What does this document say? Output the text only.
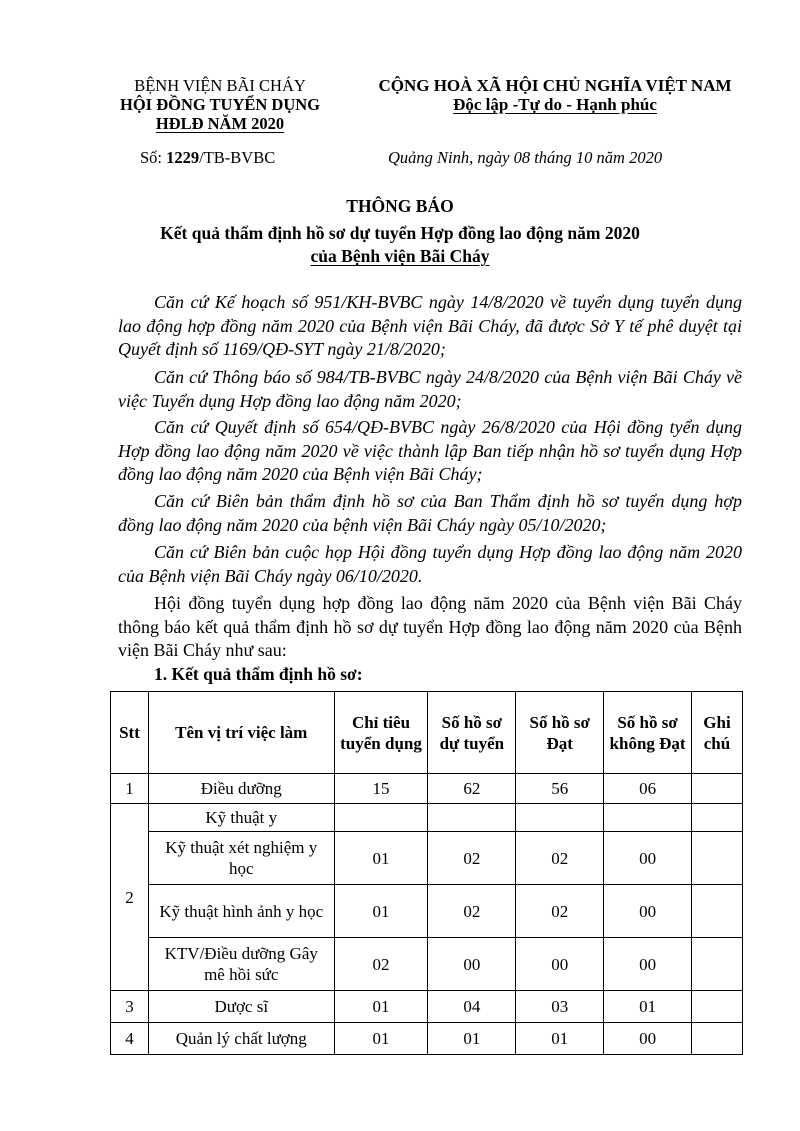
BỆNH VIỆN BÃI CHÁY
HỘI ĐỒNG TUYỂN DỤNG
HĐLĐ NĂM 2020
CỘNG HOÀ XÃ HỘI CHỦ NGHĨA VIỆT NAM
Độc lập -Tự do - Hạnh phúc
Số: 1229/TB-BVBC	Quảng Ninh, ngày 08 tháng 10 năm 2020
THÔNG BÁO
Kết quả thẩm định hồ sơ dự tuyển Hợp đồng lao động năm 2020
của Bệnh viện Bãi Cháy
Căn cứ Kế hoạch số 951/KH-BVBC ngày 14/8/2020 về tuyển dụng tuyển dụng lao động hợp đồng năm 2020 của Bệnh viện Bãi Cháy, đã được Sở Y tế phê duyệt tại Quyết định số 1169/QĐ-SYT ngày 21/8/2020;
Căn cứ Thông báo số 984/TB-BVBC ngày 24/8/2020 của Bệnh viện Bãi Cháy về việc Tuyển dụng Hợp đồng lao động năm 2020;
Căn cứ Quyết định số 654/QĐ-BVBC ngày 26/8/2020 của Hội đồng tyển dụng Hợp đồng lao động năm 2020 về việc thành lập Ban tiếp nhận hồ sơ tuyển dụng Hợp đồng lao động năm 2020 của Bệnh viện Bãi Cháy;
Căn cứ Biên bản thẩm định hồ sơ của Ban Thẩm định hồ sơ tuyển dụng hợp đồng lao động năm 2020 của bệnh viện Bãi Cháy ngày 05/10/2020;
Căn cứ Biên bản cuộc họp Hội đồng tuyển dụng Hợp đồng lao động năm 2020 của Bệnh viện Bãi Cháy ngày 06/10/2020.
Hội đồng tuyển dụng hợp đồng lao động năm 2020 của Bệnh viện Bãi Cháy thông báo kết quả thẩm định hồ sơ dự tuyển Hợp đồng lao động năm 2020 của Bệnh viện Bãi Cháy như sau:
1. Kết quả thẩm định hồ sơ:
Stt	Tên vị trí việc làm	Chỉ tiêu tuyển dụng	Số hồ sơ dự tuyển	Số hồ sơ Đạt	Số hồ sơ không Đạt	Ghi chú
1	Điều dưỡng	15	62	56	06	
2	Kỹ thuật y					
	Kỹ thuật xét nghiệm y học	01	02	02	00	
	Kỹ thuật hình ảnh y học	01	02	02	00	
	KTV/Điều dưỡng Gây mê hồi sức	02	00	00	00	
3	Dược sĩ	01	04	03	01	
4	Quản lý chất lượng	01	01	01	00	
